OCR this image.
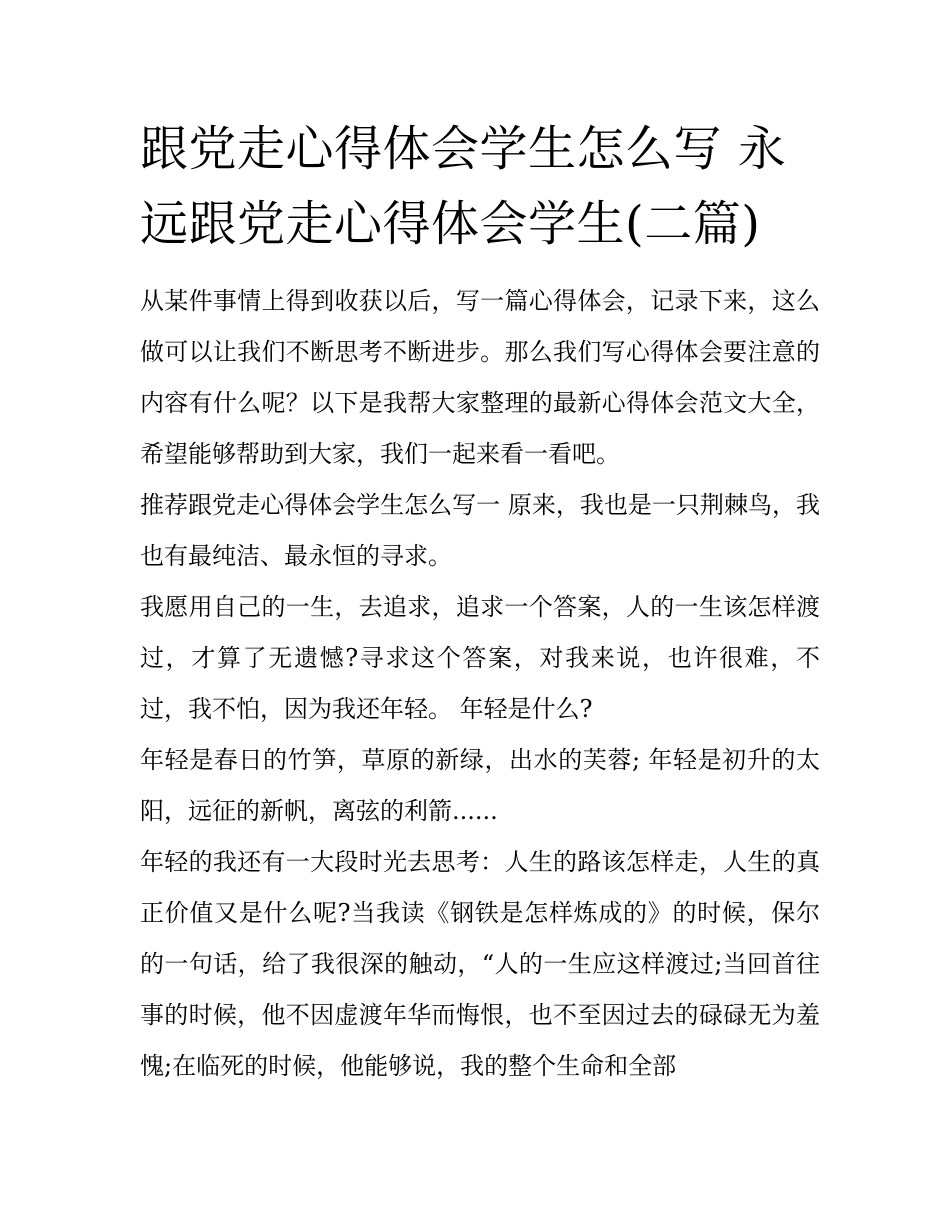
跟党走心得体会学生怎么写 永远跟党走心得体会学生(二篇)

从某件事情上得到收获以后，写一篇心得体会，记录下来，这么做可以让我们不断思考不断进步。那么我们写心得体会要注意的内容有什么呢？以下是我帮大家整理的最新心得体会范文大全，希望能够帮助到大家，我们一起来看一看吧。

推荐跟党走心得体会学生怎么写一 原来，我也是一只荆棘鸟，我也有最纯洁、最永恒的寻求。

我愿用自己的一生，去追求，追求一个答案，人的一生该怎样渡过，才算了无遗憾?寻求这个答案，对我来说，也许很难，不过，我不怕，因为我还年轻。 年轻是什么?

年轻是春日的竹笋，草原的新绿，出水的芙蓉; 年轻是初升的太阳，远征的新帆，离弦的利箭......

年轻的我还有一大段时光去思考：人生的路该怎样走，人生的真正价值又是什么呢?当我读《钢铁是怎样炼成的》的时候，保尔的一句话，给了我很深的触动，“人的一生应这样渡过;当回首往事的时候，他不因虚渡年华而悔恨，也不至因过去的碌碌无为羞愧;在临死的时候，他能够说，我的整个生命和全部
